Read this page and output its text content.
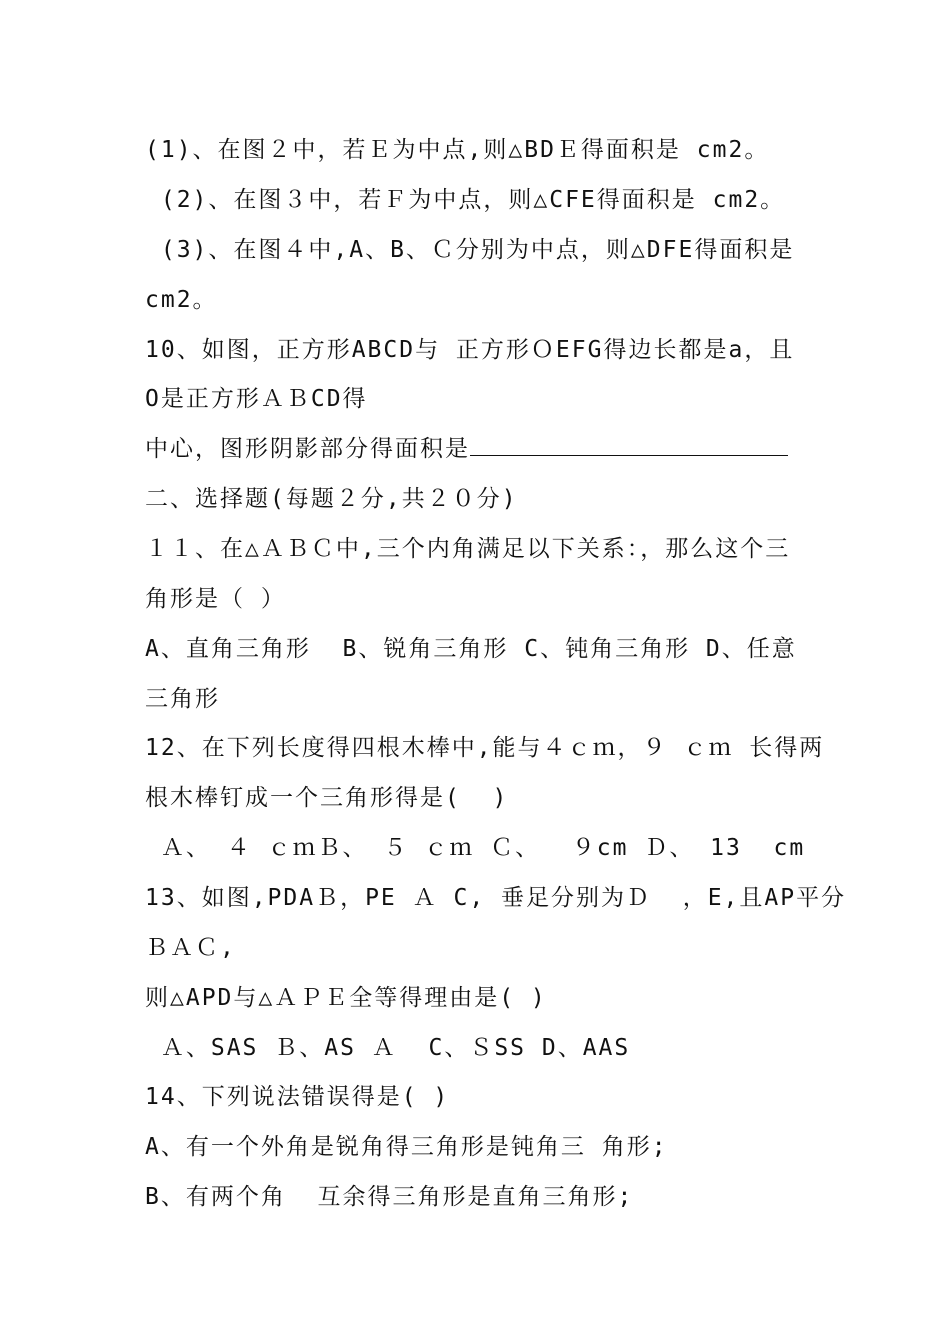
(1)、在图２中，若Ｅ为中点,则△BDＥ得面积是 cm2。
(2)、在图３中，若Ｆ为中点，则△CFE得面积是 cm2。
(3)、在图４中,A、B、Ｃ分别为中点，则△DFE得面积是
cm2。
10、如图，正方形ABCD与 正方形ＯEFG得边长都是a，且
O是正方形ＡＢCD得
中心，图形阴影部分得面积是
二、选择题(每题２分,共２０分)
１１、在△ＡＢＣ中,三个内角满足以下关系：，那么这个三
角形是（ ）
A、直角三角形  B、锐角三角形 C、钝角三角形 D、任意
三角形
12、在下列长度得四根木棒中,能与４ｃｍ，９ ｃｍ 长得两
根木棒钉成一个三角形得是(  )
Ａ、 ４ ｃｍＢ、 ５ ｃｍ Ｃ、  ９cm Ｄ、 13  cm
13、如图,PDAＢ，PE Ａ C, 垂足分别为Ｄ  ，E,且AP平分
ＢＡＣ,
则△APD与△ＡＰＥ全等得理由是( )
Ａ、SAS Ｂ、AS Ａ  C、ＳSS D、AAS
14、下列说法错误得是( )
A、有一个外角是锐角得三角形是钝角三 角形;
B、有两个角  互余得三角形是直角三角形;
